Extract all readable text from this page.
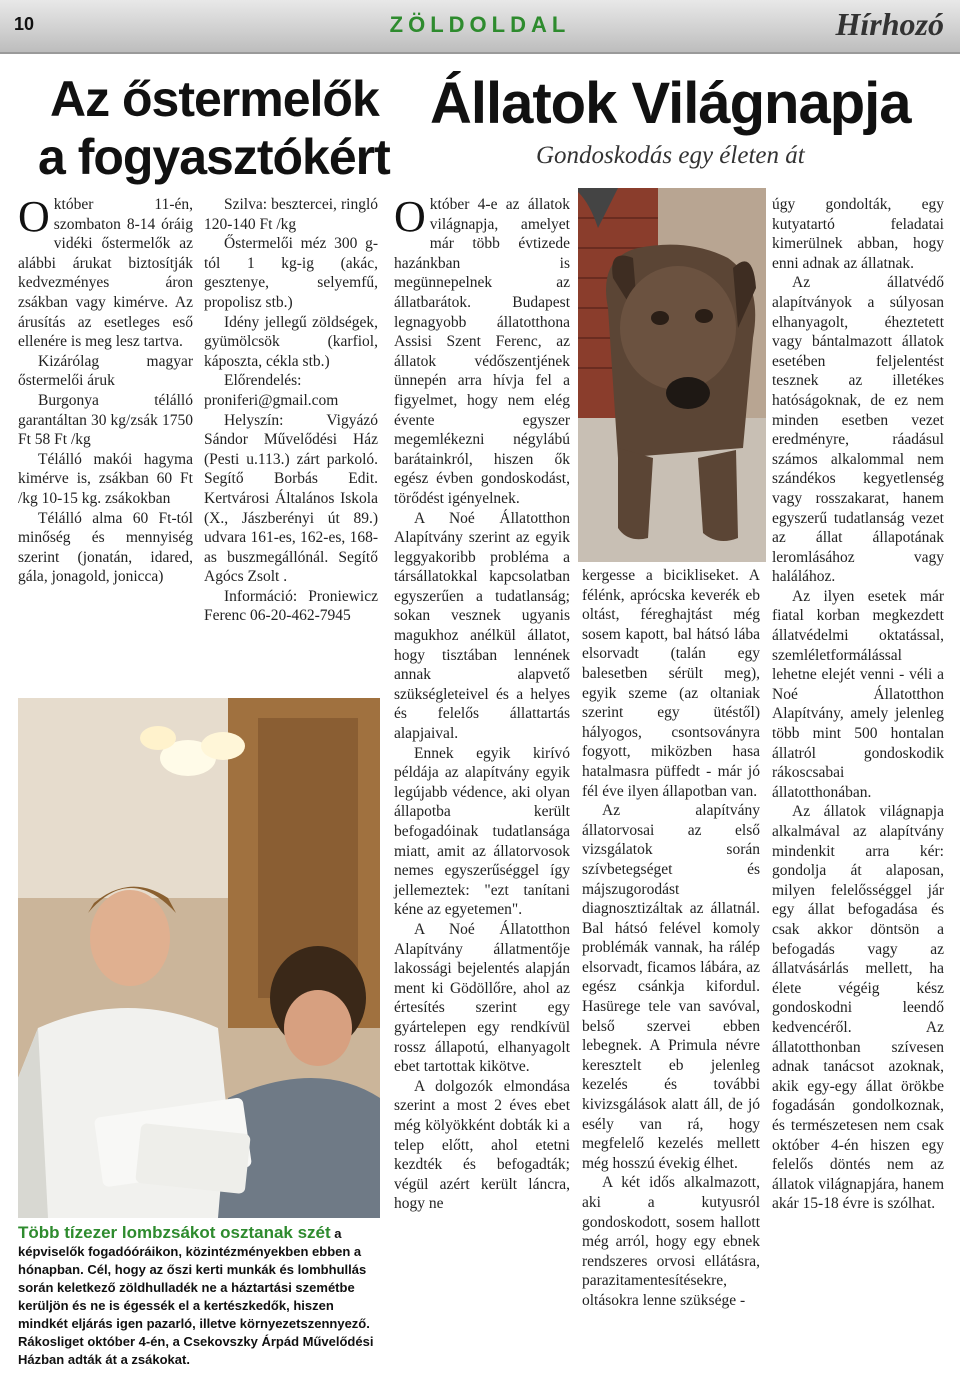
10	ZÖLDOLDAL	Hírhozó
Az őstermelők
a fogyasztókért
Állatok Világnapja
Gondoskodás egy életen át

Október 11-én, szombaton 8-14 óráig vidéki őstermelők az alábbi árukat biztosítják kedvezményes áron zsákban vagy kimérve. Az árusítás az esetleges eső ellenére is meg lesz tartva.

Kizárólag magyar őstermelői áruk

Burgonya télálló garantáltan 30 kg/zsák 1750 Ft 58 Ft /kg

Télálló makói hagyma kimérve is, zsákban 60 Ft /kg 10-15 kg. zsákokban

Télálló alma 60 Ft-tól minőség és mennyiség szerint (jonatán, idared, gála, jonagold, jonicca)

Szilva: besztercei, ringló 120-140 Ft /kg

Őstermelői méz 300 g-tól 1 kg-ig (akác, gesztenye, selyemfű, propolisz stb.)

Idény jellegű zöldségek, gyümölcsök (karfiol, káposzta, cékla stb.)

Előrendelés: proniferi@gmail.com

Helyszín: Vigyázó Sándor Művelődési Ház (Pesti u.113.) zárt parkoló. Segítő Borbás Edit. Kertvárosi Általános Iskola (X., Jászberényi út 89.) udvara 161-es, 162-es, 168-as buszmegállónál. Segítő Agócs Zsolt .

Információ: Proniewicz Ferenc 06-20-462-7945

Több tízezer lombzsákot osztanak szét a képviselők fogadóóráikon, közintézményekben ebben a hónapban. Cél, hogy az őszi kerti munkák és lombhullás során keletkező zöldhulladék ne a háztartási szemétbe kerüljön és ne is égessék el a kertészkedők, hiszen mindkét eljárás igen pazarló, illetve környezetszennyező. Rákosliget október 4-én, a Csekovszky Árpád Művelődési Házban adták át a zsákokat.

Október 4-e az állatok világnapja, amelyet már több évtizede hazánkban is megünnepelnek az állatbarátok. Budapest legnagyobb állatotthona Assisi Szent Ferenc, az állatok védőszentjének ünnepén arra hívja fel a figyelmet, hogy nem elég évente egyszer megemlékezni négylábú barátainkról, hiszen ők egész évben gondoskodást, törődést igényelnek.

A Noé Állatotthon Alapítvány szerint az egyik leggyakoribb probléma a társállatokkal kapcsolatban egyszerűen a tudatlanság; sokan vesznek ugyanis magukhoz anélkül állatot, hogy tisztában lennének annak alapvető szükségleteivel és a helyes és felelős állattartás alapjaival.

Ennek egyik kirívó példája az alapítvány egyik legújabb védence, aki olyan állapotba került befogadóinak tudatlansága miatt, amit az állatorvosok nemes egyszerűséggel így jellemeztek: "ezt tanítani kéne az egyetemen".

A Noé Állatotthon Alapítvány állatmentője lakossági bejelentés alapján ment ki Gödöllőre, ahol az értesítés szerint egy gyártelepen egy rendkívül rossz állapotú, elhanyagolt ebet tartottak kikötve.

A dolgozók elmondása szerint a most 2 éves ebet még kölyökként dobták ki a telep előtt, ahol etetni kezdték és befogadták; végül azért került láncra, hogy ne

kergesse a bicikliseket. A félénk, aprócska keverék eb oltást, féreghajtást még sosem kapott, bal hátsó lába elsorvadt (talán egy balesetben sérült meg), egyik szeme (az oltaniak szerint egy ütéstől) hályogos, csontsoványra fogyott, miközben hasa hatalmasra püffedt - már jó fél éve ilyen állapotban van.

Az alapítvány állatorvosai az első vizsgálatok során szívbetegséget és májszugorodást diagnosztizáltak az állatnál. Bal hátsó felével komoly problémák vannak, ha rálép elsorvadt, ficamos lábára, az egész csánkja kifordul. Hasürege tele van savóval, belső szervei ebben lebegnek. A Primula névre keresztelt eb jelenleg kezelés és további kivizsgálások alatt áll, de jó esély van rá, hogy megfelelő kezelés mellett még hosszú évekig élhet.

A két idős alkalmazott, aki a kutyusról gondoskodott, sosem hallott még arról, hogy egy ebnek rendszeres orvosi ellátásra, parazitamentesítésekre, oltásokra lenne szüksége -

úgy gondolták, egy kutyatartó feladatai kimerülnek abban, hogy enni adnak az állatnak.

Az állatvédő alapítványok a súlyosan elhanyagolt, éheztetett vagy bántalmazott állatok esetében feljelentést tesznek az illetékes hatóságoknak, de ez nem minden esetben vezet eredményre, ráadásul számos alkalommal nem szándékos kegyetlenség vagy rosszakarat, hanem egyszerű tudatlanság vezet az állat állapotának leromlásához vagy halálához.

Az ilyen esetek már fiatal korban megkezdett állatvédelmi oktatással, szemléletformálással lehetne elejét venni - véli a Noé Állatotthon Alapítvány, amely jelenleg több mint 500 hontalan állatról gondoskodik rákoscsabai állatotthonában.

Az állatok világnapja alkalmával az alapítvány mindenkit arra kér: gondolja át alaposan, milyen felelősséggel jár egy állat befogadása és csak akkor döntsön a befogadás vagy az állatvásárlás mellett, ha élete végéig kész gondoskodni leendő kedvencéről. Az állatotthonban szívesen adnak tanácsot azoknak, akik egy-egy állat örökbe fogadásán gondolkoznak, és természetesen nem csak október 4-én hiszen egy felelős döntés nem az állatok világnapjára, hanem akár 15-18 évre is szólhat.
